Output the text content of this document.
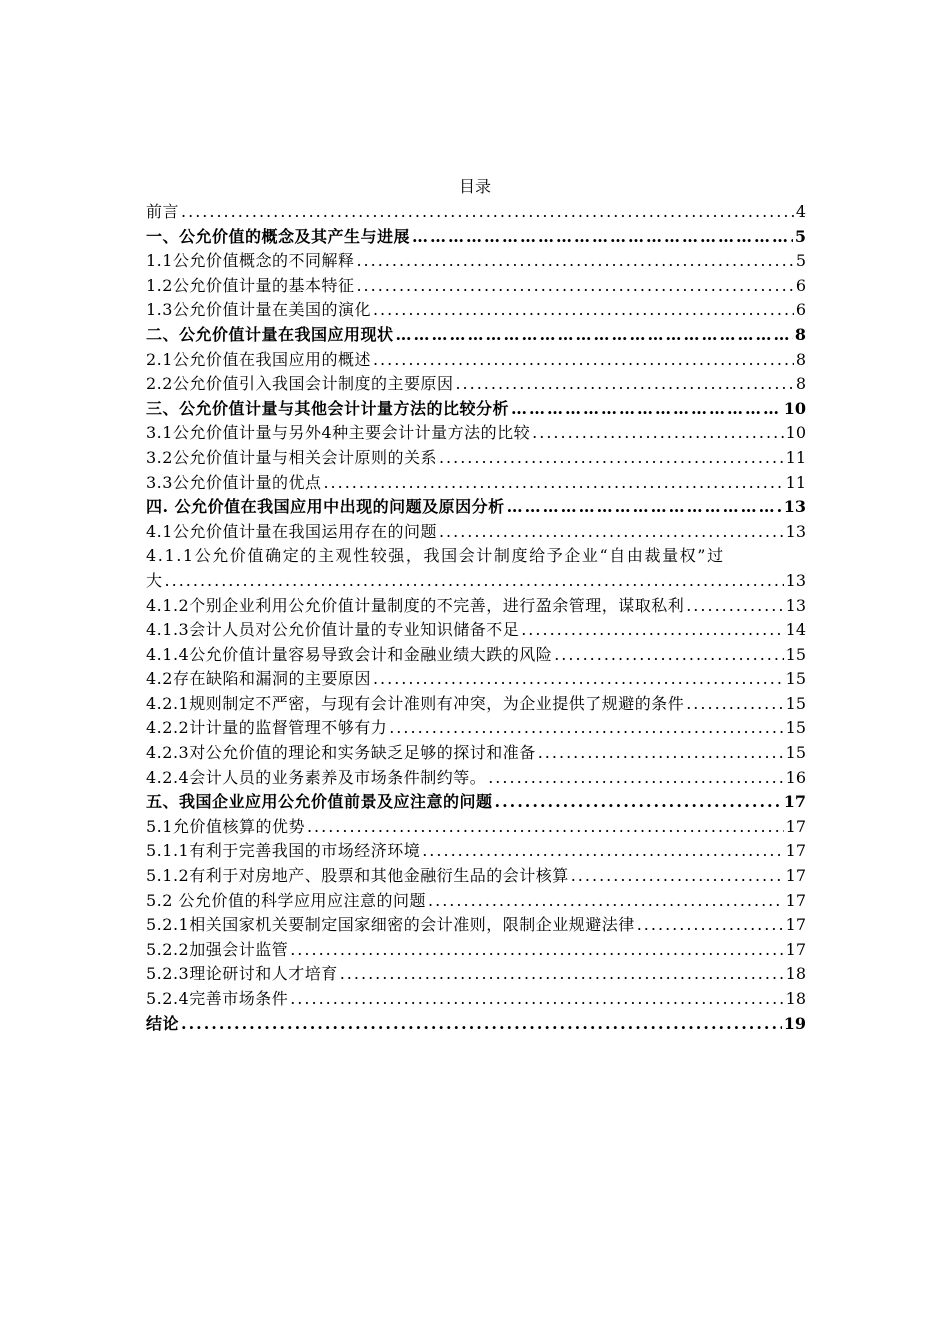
目录
前言 .....	4
一、公允价值的概念及其产生与进展 ……………………………………………………………………………………………………………………………………………	5
1.1公允价值概念的不同解释 .....	5
1.2公允价值计量的基本特征 .....	6
1.3公允价值计量在美国的演化 .....	6
二、公允价值计量在我国应用现状 ……………………………………………………………………………………………………………………………………………	8
2.1公允价值在我国应用的概述 .....	8
2.2公允价值引入我国会计制度的主要原因 .....	8
三、公允价值计量与其他会计计量方法的比较分析 ……………………………………………………………………………………………………………………………………………	10
3.1公允价值计量与另外4种主要会计计量方法的比较 .....	10
3.2公允价值计量与相关会计原则的关系 .....	11
3.3公允价值计量的优点 .....	11
四. 公允价值在我国应用中出现的问题及原因分析 ……………………………………………………………………………………………………………………………………………	13
4.1公允价值计量在我国运用存在的问题 .....	13
4.1.1公允价值确定的主观性较强，我国会计制度给予企业“自由裁量权”过
大 .....	13
4.1.2个别企业利用公允价值计量制度的不完善，进行盈余管理，谋取私利 .....	13
4.1.3会计人员对公允价值计量的专业知识储备不足 .....	14
4.1.4公允价值计量容易导致会计和金融业绩大跌的风险 .....	15
4.2存在缺陷和漏洞的主要原因 .....	15
4.2.1规则制定不严密，与现有会计准则有冲突，为企业提供了规避的条件 .....	15
4.2.2计计量的监督管理不够有力 .....	15
4.2.3对公允价值的理论和实务缺乏足够的探讨和准备 .....	15
4.2.4会计人员的业务素养及市场条件制约等。 .....	16
五、我国企业应用公允价值前景及应注意的问题 .....	17
5.1允价值核算的优势 .....	17
5.1.1有利于完善我国的市场经济环境 .....	17
5.1.2有利于对房地产、股票和其他金融衍生品的会计核算 .....	17
5.2 公允价值的科学应用应注意的问题 .....	17
5.2.1相关国家机关要制定国家细密的会计准则，限制企业规避法律 .....	17
5.2.2加强会计监管 .....	17
5.2.3理论研讨和人才培育 .....	18
5.2.4完善市场条件 .....	18
结论 .....	19
